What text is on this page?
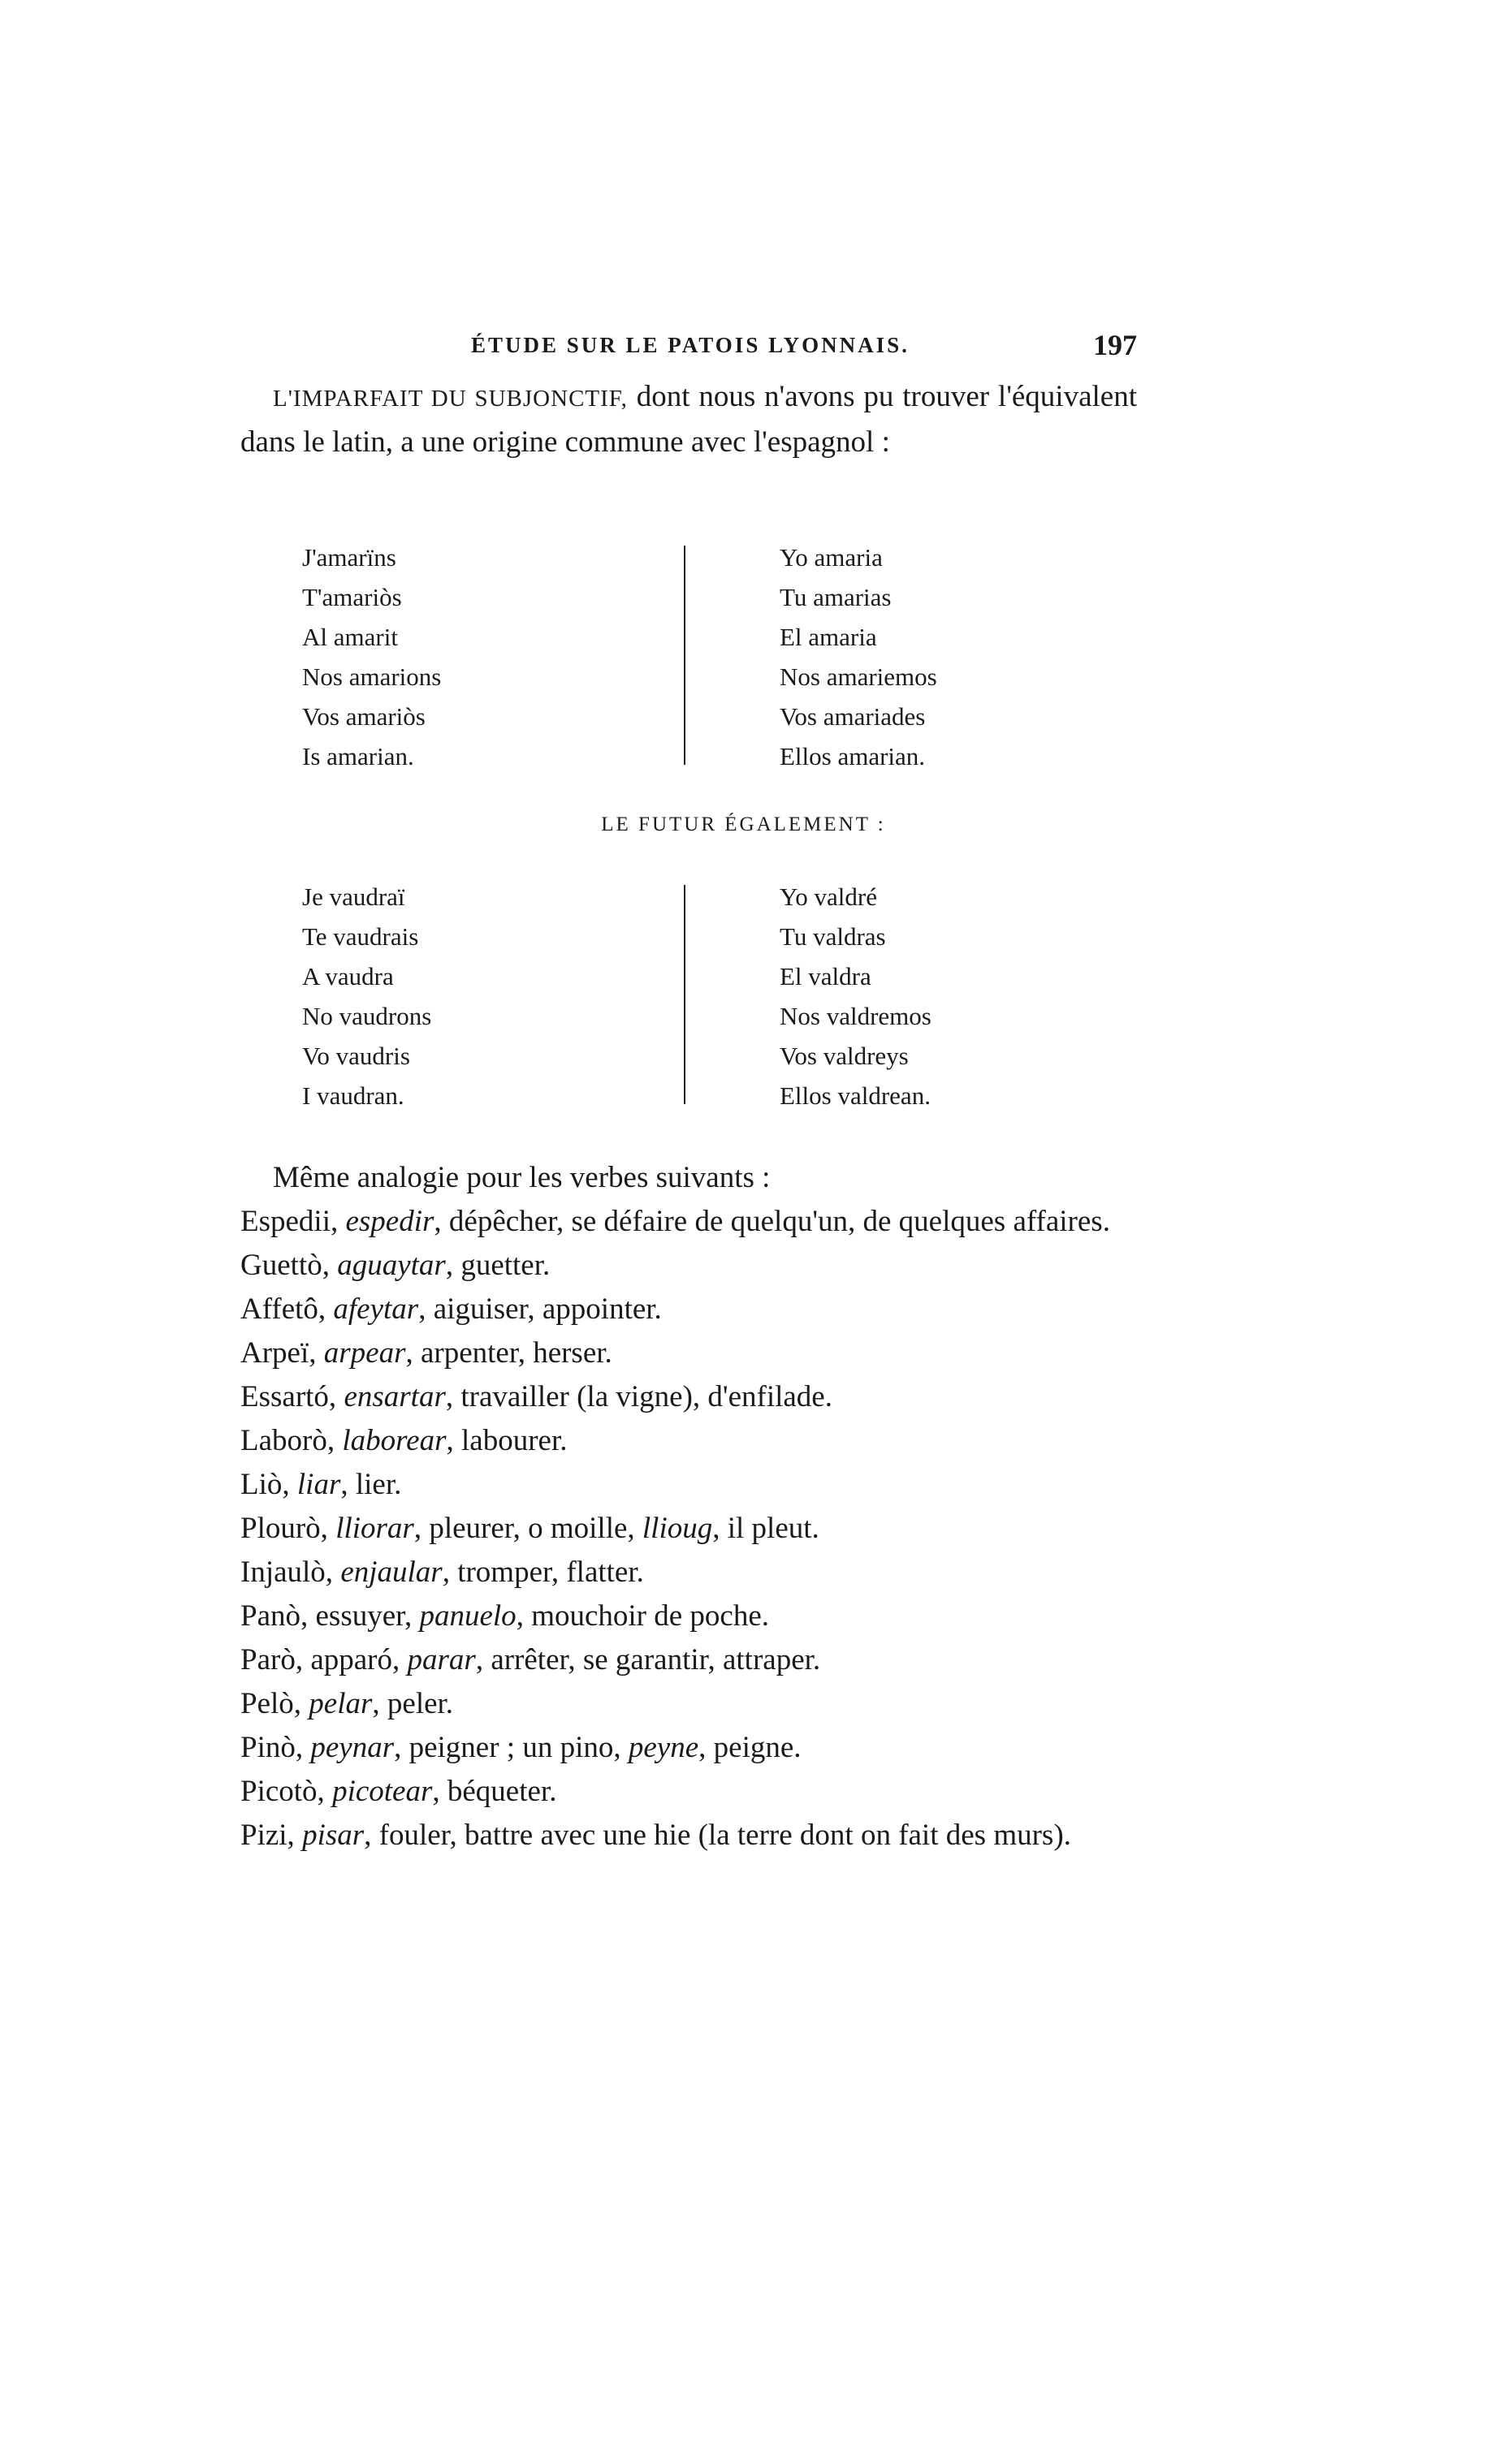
ÉTUDE SUR LE PATOIS LYONNAIS.	197

L'IMPARFAIT DU SUBJONCTIF, dont nous n'avons pu trouver l'équivalent dans le latin, a une origine commune avec l'espagnol :

J'amarïns
T'amariòs
Al amarit
Nos amarions
Vos amariòs
Is amarian.
Yo amaria
Tu amarias
El amaria
Nos amariemos
Vos amariades
Ellos amarian.
LE FUTUR ÉGALEMENT :
Je vaudraï
Te vaudrais
A vaudra
No vaudrons
Vo vaudris
I vaudran.
Yo valdré
Tu valdras
El valdra
Nos valdremos
Vos valdreys
Ellos valdrean.

Même analogie pour les verbes suivants :

Espedii, espedir, dépêcher, se défaire de quelqu'un, de quelques affaires.
Guettò, aguaytar, guetter.
Affetô, afeytar, aiguiser, appointer.
Arpeï, arpear, arpenter, herser.
Essartó, ensartar, travailler (la vigne), d'enfilade.
Laborò, laborear, labourer.
Liò, liar, lier.
Plourò, lliorar, pleurer, o moille, llioug, il pleut.
Injaulò, enjaular, tromper, flatter.
Panò, essuyer, panuelo, mouchoir de poche.
Parò, apparó, parar, arrêter, se garantir, attraper.
Pelò, pelar, peler.
Pinò, peynar, peigner ; un pino, peyne, peigne.
Picotò, picotear, béqueter.
Pizi, pisar, fouler, battre avec une hie (la terre dont on fait des murs).
